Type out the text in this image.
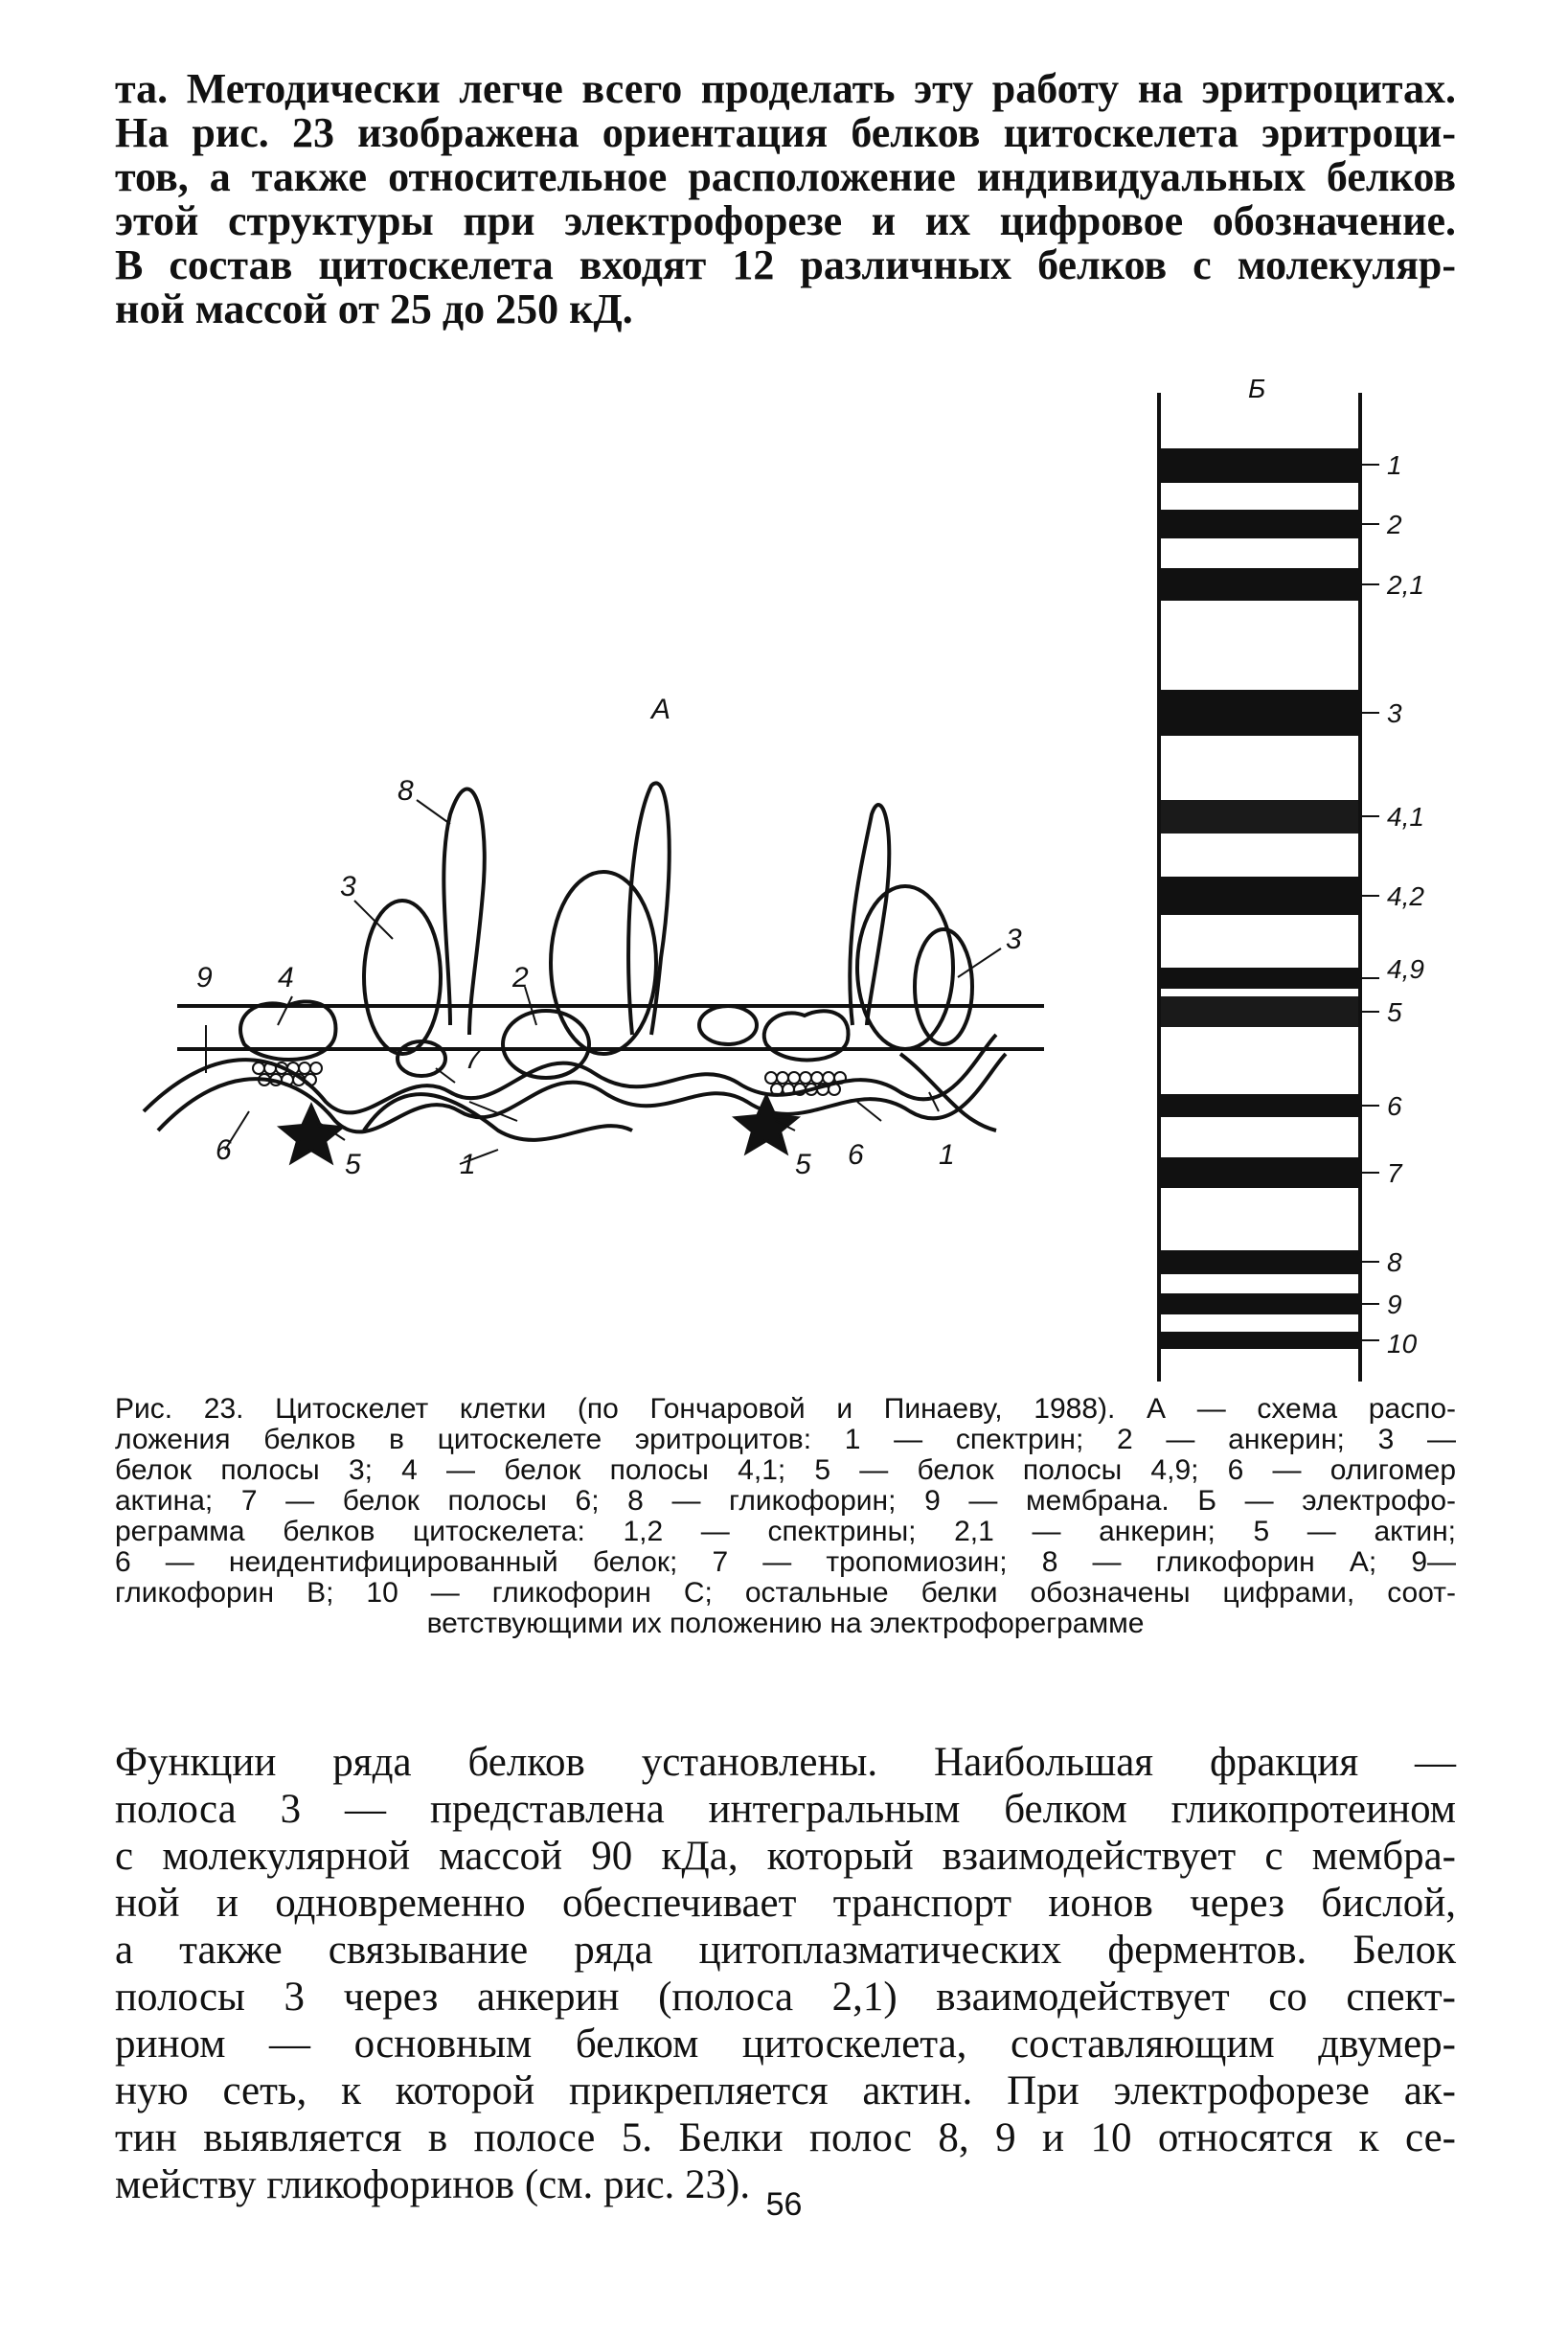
та. Методически легче всего проделать эту работу на эритроцитах.
На рис. 23 изображена ориентация белков цитоскелета эритроци-
тов, а также относительное расположение индивидуальных белков
этой структуры при электрофорезе и их цифровое обозначение.
В состав цитоскелета входят 12 различных белков с молекуляр-
ной массой от 25 до 250 кД.
А
8
3
3
9 4	2
7
6	5	1	5 6	1
Б
1
2
2,1
3
4,1
4,2
4,9
5
6
7
8
9
10
Рис. 23. Цитоскелет клетки (по Гончаровой и Пинаеву, 1988). А — схема распо-
ложения белков в цитоскелете эритроцитов: 1 — спектрин; 2 — анкерин; 3 —
белок полосы 3; 4 — белок полосы 4,1; 5 — белок полосы 4,9; 6 — олигомер
актина; 7 — белок полосы 6; 8 — гликофорин; 9 — мембрана. Б — электрофо-
реграмма белков цитоскелета: 1,2 — спектрины; 2,1 — анкерин; 5 — актин;
6 — неидентифицированный белок; 7 — тропомиозин; 8 — гликофорин А; 9—
гликофорин В; 10 — гликофорин С; остальные белки обозначены цифрами, соот-
ветствующими их положению на электрофореграмме
Функции ряда белков установлены. Наибольшая фракция —
полоса 3 — представлена интегральным белком гликопротеином
с молекулярной массой 90 кДа, который взаимодействует с мембра-
ной и одновременно обеспечивает транспорт ионов через бислой,
а также связывание ряда цитоплазматических ферментов. Белок
полосы 3 через анкерин (полоса 2,1) взаимодействует со спект-
рином — основным белком цитоскелета, составляющим двумер-
ную сеть, к которой прикрепляется актин. При электрофорезе ак-
тин выявляется в полосе 5. Белки полос 8, 9 и 10 относятся к се-
мейству гликофоринов (см. рис. 23). 56
